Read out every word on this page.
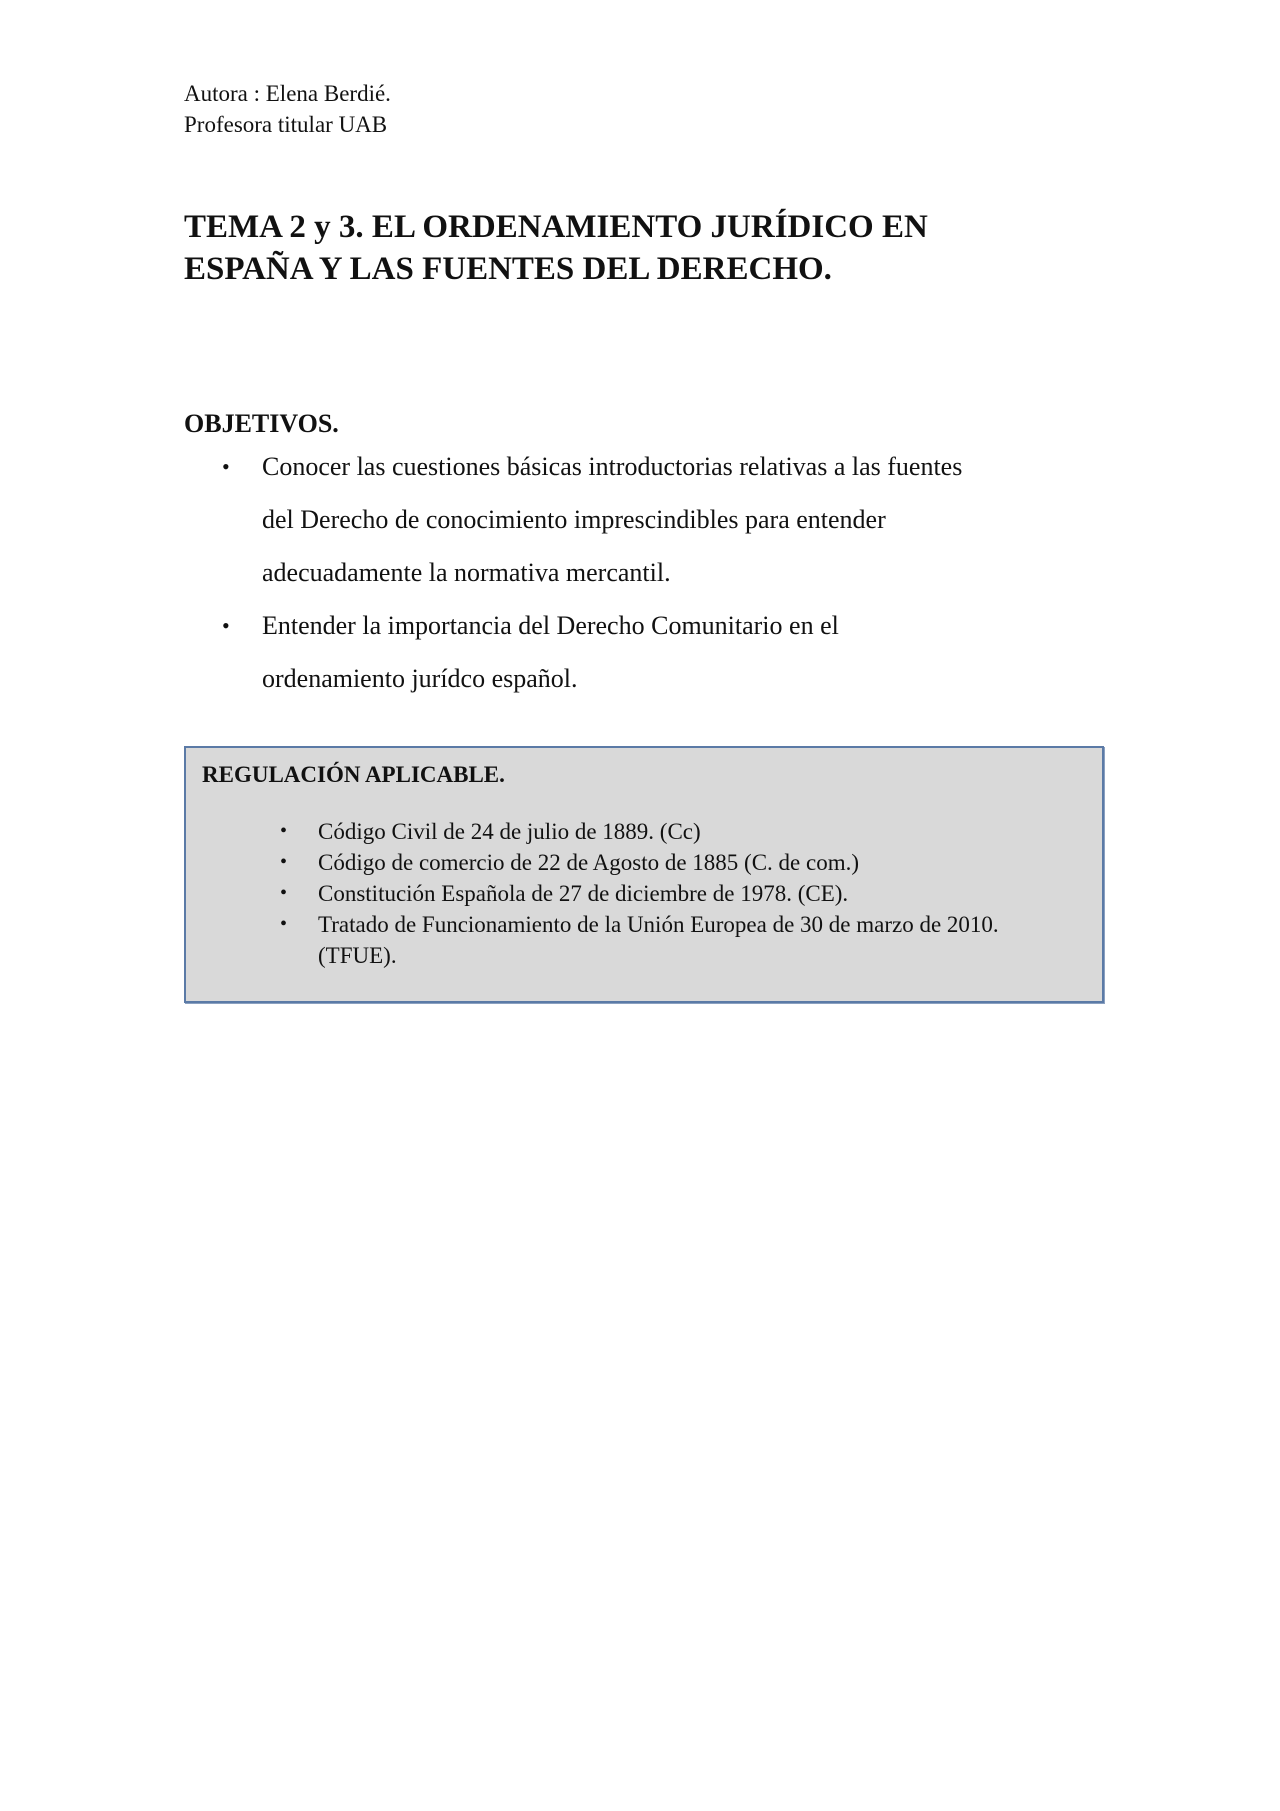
Autora : Elena Berdié.
Profesora titular UAB
TEMA 2 y 3. EL ORDENAMIENTO JURÍDICO EN
ESPAÑA Y LAS FUENTES DEL DERECHO.
OBJETIVOS.
• Conocer las cuestiones básicas introductorias relativas a las fuentes
del Derecho de conocimiento imprescindibles para entender
adecuadamente la normativa mercantil.
• Entender la importancia del Derecho Comunitario en el
ordenamiento jurídco español.
REGULACIÓN APLICABLE.
• Código Civil de 24 de julio de 1889. (Cc)
• Código de comercio de 22 de Agosto de 1885 (C. de com.)
• Constitución Española de 27 de diciembre de 1978. (CE).
• Tratado de Funcionamiento de la Unión Europea de 30 de marzo de 2010.
(TFUE).
